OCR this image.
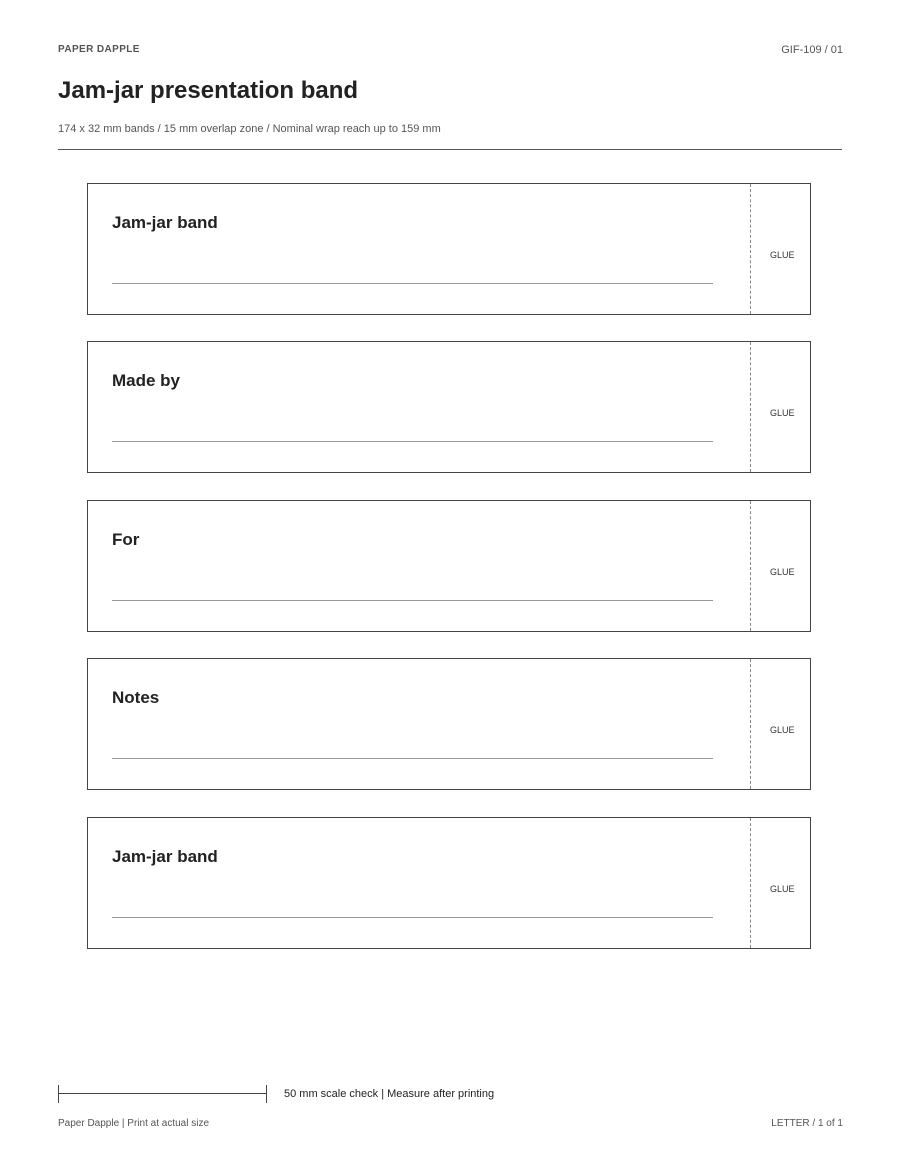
PAPER DAPPLE	GIF-109 / 01
Jam-jar presentation band
174 x 32 mm bands / 15 mm overlap zone / Nominal wrap reach up to 159 mm
Jam-jar band
GLUE
Made by
GLUE
For
GLUE
Notes
GLUE
Jam-jar band
GLUE
50 mm scale check | Measure after printing
Paper Dapple | Print at actual size	LETTER / 1 of 1
